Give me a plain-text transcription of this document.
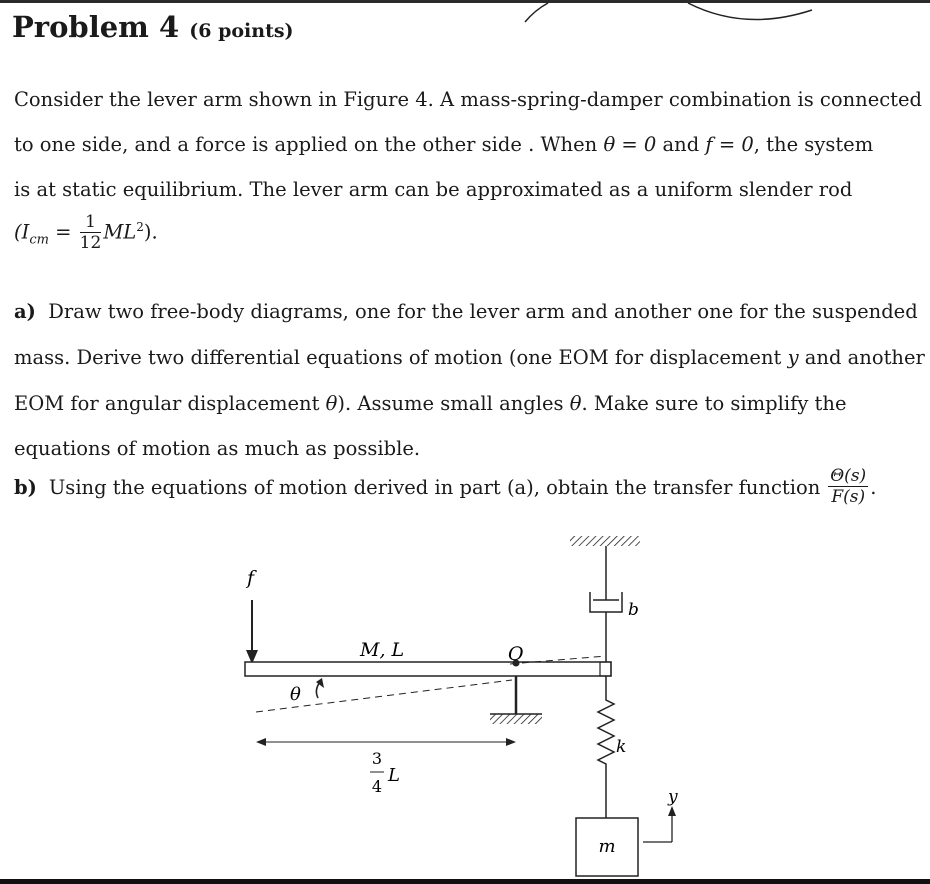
Problem 4 (6 points)
Consider the lever arm shown in Figure 4. A mass-spring-damper combination is connected
to one side, and a force is applied on the other side . When θ = 0 and f = 0, the system
is at static equilibrium. The lever arm can be approximated as a uniform slender rod
$(I_{cm} = \frac{1}{12} ML^2)$.
a) Draw two free-body diagrams, one for the lever arm and another one for the suspended
mass. Derive two differential equations of motion (one EOM for displacement y and another
EOM for angular displacement θ). Assume small angles θ. Make sure to simplify the
equations of motion as much as possible.
b) Using the equations of motion derived in part (a), obtain the transfer function $\frac{\Theta(s)}{F(s)}$ .
b
f
M, L	O
θ
3
4
L
k
m
y
